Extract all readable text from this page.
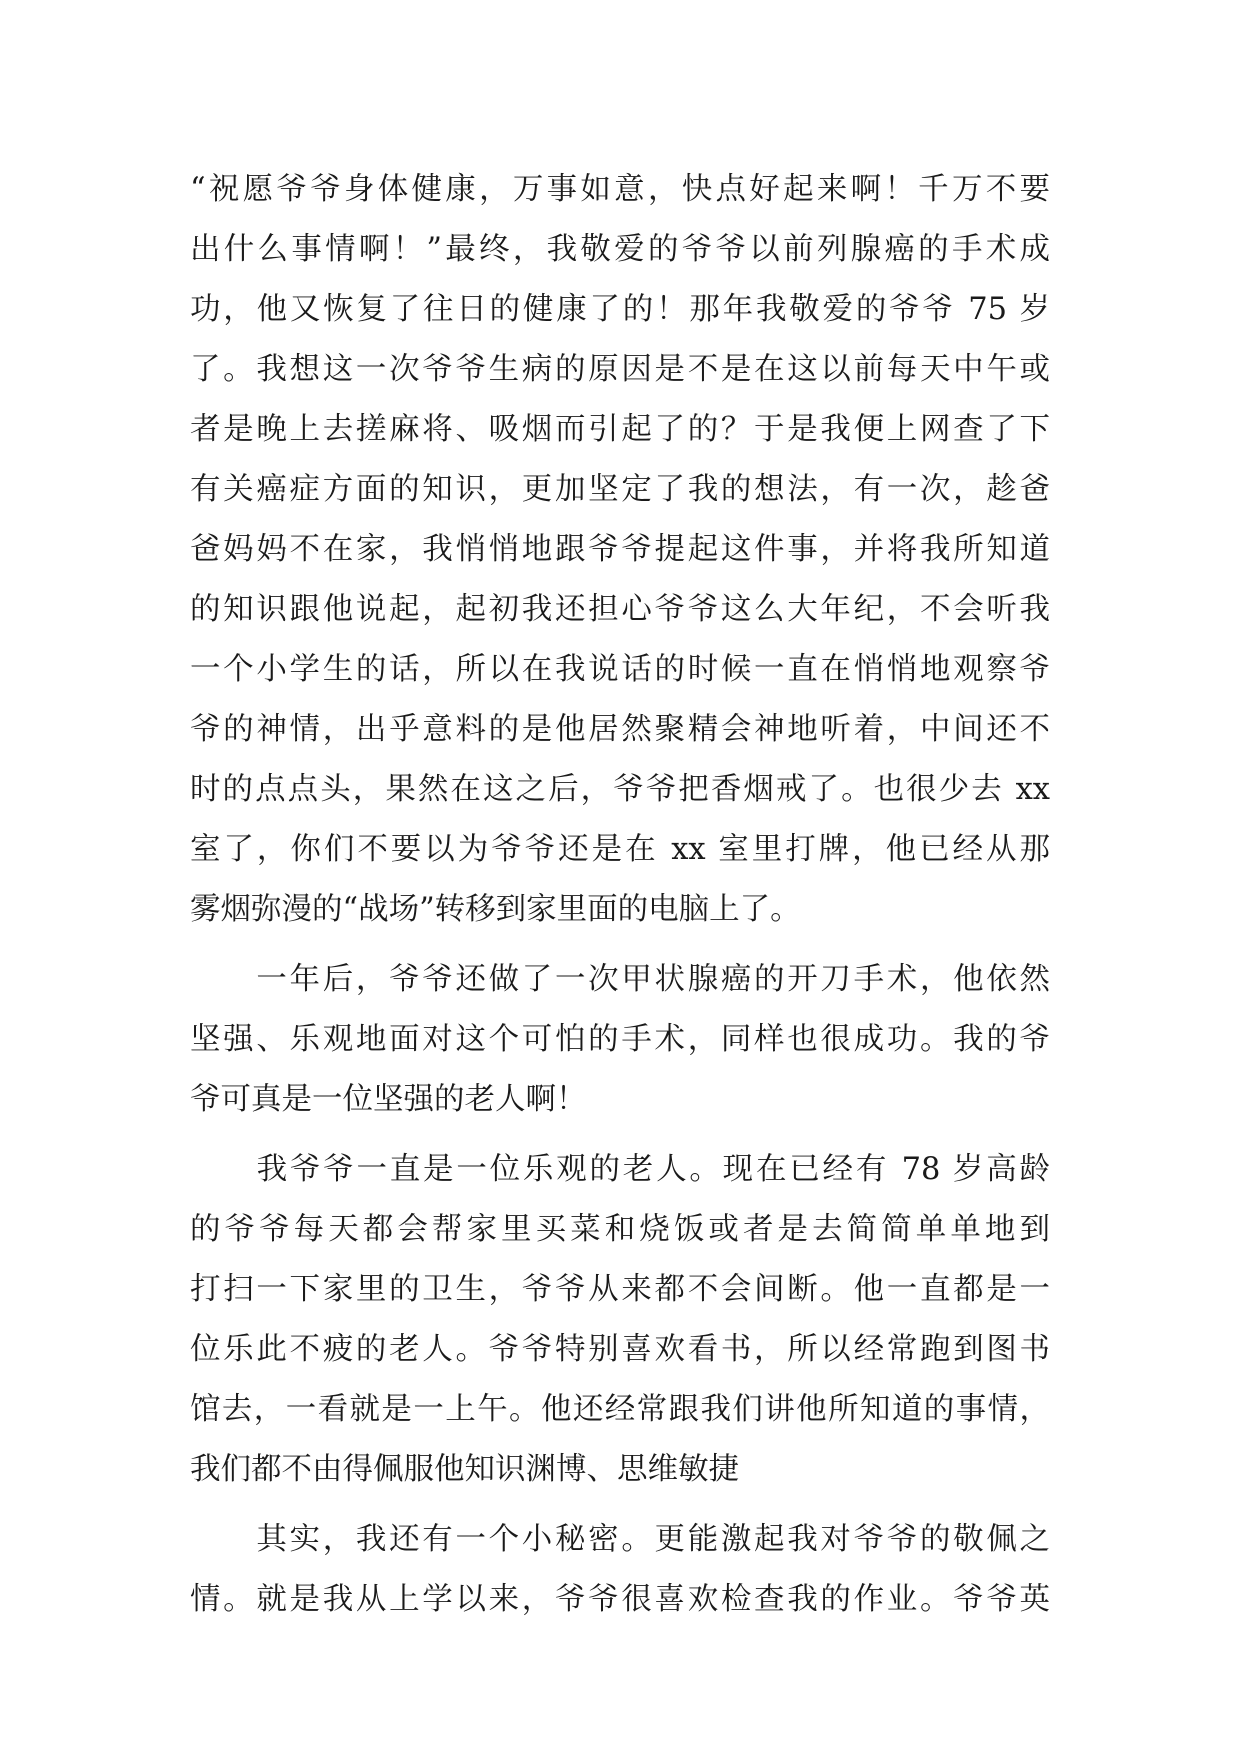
“祝愿爷爷身体健康，万事如意，快点好起来啊！千万不要
出什么事情啊！”最终，我敬爱的爷爷以前列腺癌的手术成
功，他又恢复了往日的健康了的！那年我敬爱的爷爷 75 岁
了。我想这一次爷爷生病的原因是不是在这以前每天中午或
者是晚上去搓麻将、吸烟而引起了的？于是我便上网查了下
有关癌症方面的知识，更加坚定了我的想法，有一次，趁爸
爸妈妈不在家，我悄悄地跟爷爷提起这件事，并将我所知道
的知识跟他说起，起初我还担心爷爷这么大年纪，不会听我
一个小学生的话，所以在我说话的时候一直在悄悄地观察爷
爷的神情，出乎意料的是他居然聚精会神地听着，中间还不
时的点点头，果然在这之后，爷爷把香烟戒了。也很少去 xx
室了，你们不要以为爷爷还是在 xx 室里打牌，他已经从那
雾烟弥漫的“战场”转移到家里面的电脑上了。
　　一年后，爷爷还做了一次甲状腺癌的开刀手术，他依然
坚强、乐观地面对这个可怕的手术，同样也很成功。我的爷
爷可真是一位坚强的老人啊！
　　我爷爷一直是一位乐观的老人。现在已经有 78 岁高龄
的爷爷每天都会帮家里买菜和烧饭或者是去简简单单地到
打扫一下家里的卫生，爷爷从来都不会间断。他一直都是一
位乐此不疲的老人。爷爷特别喜欢看书，所以经常跑到图书
馆去，一看就是一上午。他还经常跟我们讲他所知道的事情，
我们都不由得佩服他知识渊博、思维敏捷
　　其实，我还有一个小秘密。更能激起我对爷爷的敬佩之
情。就是我从上学以来，爷爷很喜欢检查我的作业。爷爷英
